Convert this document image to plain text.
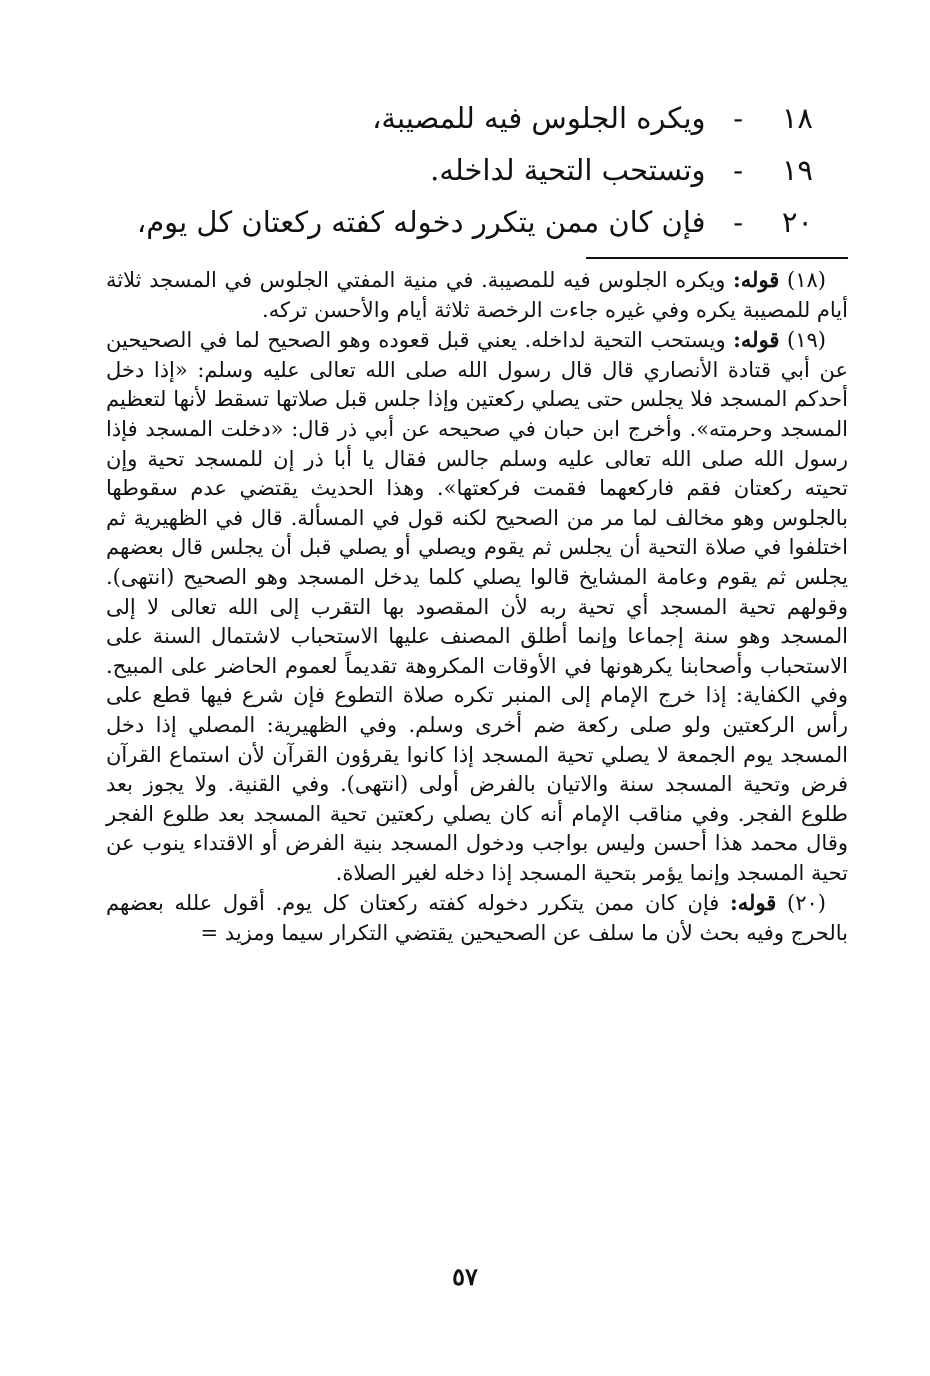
١٨-   ويكره الجلوس فيه للمصيبة،
١٩-   وتستحب التحية لداخله.
٢٠-   فإن كان ممن يتكرر دخوله كفته ركعتان كل يوم،

(١٨) قوله: ويكره الجلوس فيه للمصيبة. في منية المفتي الجلوس في المسجد ثلاثة أيام للمصيبة يكره وفي غيره جاءت الرخصة ثلاثة أيام والأحسن تركه.

(١٩) قوله: ويستحب التحية لداخله. يعني قبل قعوده وهو الصحيح لما في الصحيحين عن أبي قتادة الأنصاري قال قال رسول الله صلى الله تعالى عليه وسلم: «إذا دخل أحدكم المسجد فلا يجلس حتى يصلي ركعتين وإذا جلس قبل صلاتها تسقط لأنها لتعظيم المسجد وحرمته». وأخرج ابن حبان في صحيحه عن أبي ذر قال: «دخلت المسجد فإذا رسول الله صلى الله تعالى عليه وسلم جالس فقال يا أبا ذر إن للمسجد تحية وإن تحيته ركعتان فقم فاركعهما فقمت فركعتها». وهذا الحديث يقتضي عدم سقوطها بالجلوس وهو مخالف لما مر من الصحيح لكنه قول في المسألة. قال في الظهيرية ثم اختلفوا في صلاة التحية أن يجلس ثم يقوم ويصلي أو يصلي قبل أن يجلس قال بعضهم يجلس ثم يقوم وعامة المشايخ قالوا يصلي كلما يدخل المسجد وهو الصحيح (انتهى). وقولهم تحية المسجد أي تحية ربه لأن المقصود بها التقرب إلى الله تعالى لا إلى المسجد وهو سنة إجماعا وإنما أطلق المصنف عليها الاستحباب لاشتمال السنة على الاستحباب وأصحابنا يكرهونها في الأوقات المكروهة تقديماً لعموم الحاضر على المبيح. وفي الكفاية: إذا خرج الإمام إلى المنبر تكره صلاة التطوع فإن شرع فيها قطع على رأس الركعتين ولو صلى ركعة ضم أخرى وسلم. وفي الظهيرية: المصلي إذا دخل المسجد يوم الجمعة لا يصلي تحية المسجد إذا كانوا يقرؤون القرآن لأن استماع القرآن فرض وتحية المسجد سنة والاتيان بالفرض أولى (انتهى). وفي القنية. ولا يجوز بعد طلوع الفجر. وفي مناقب الإمام أنه كان يصلي ركعتين تحية المسجد بعد طلوع الفجر وقال محمد هذا أحسن وليس بواجب ودخول المسجد بنية الفرض أو الاقتداء ينوب عن تحية المسجد وإنما يؤمر بتحية المسجد إذا دخله لغير الصلاة.

(٢٠) قوله: فإن كان ممن يتكرر دخوله كفته ركعتان كل يوم. أقول علله بعضهم بالحرج وفيه بحث لأن ما سلف عن الصحيحين يقتضي التكرار سيما ومزيد =

٥٧
